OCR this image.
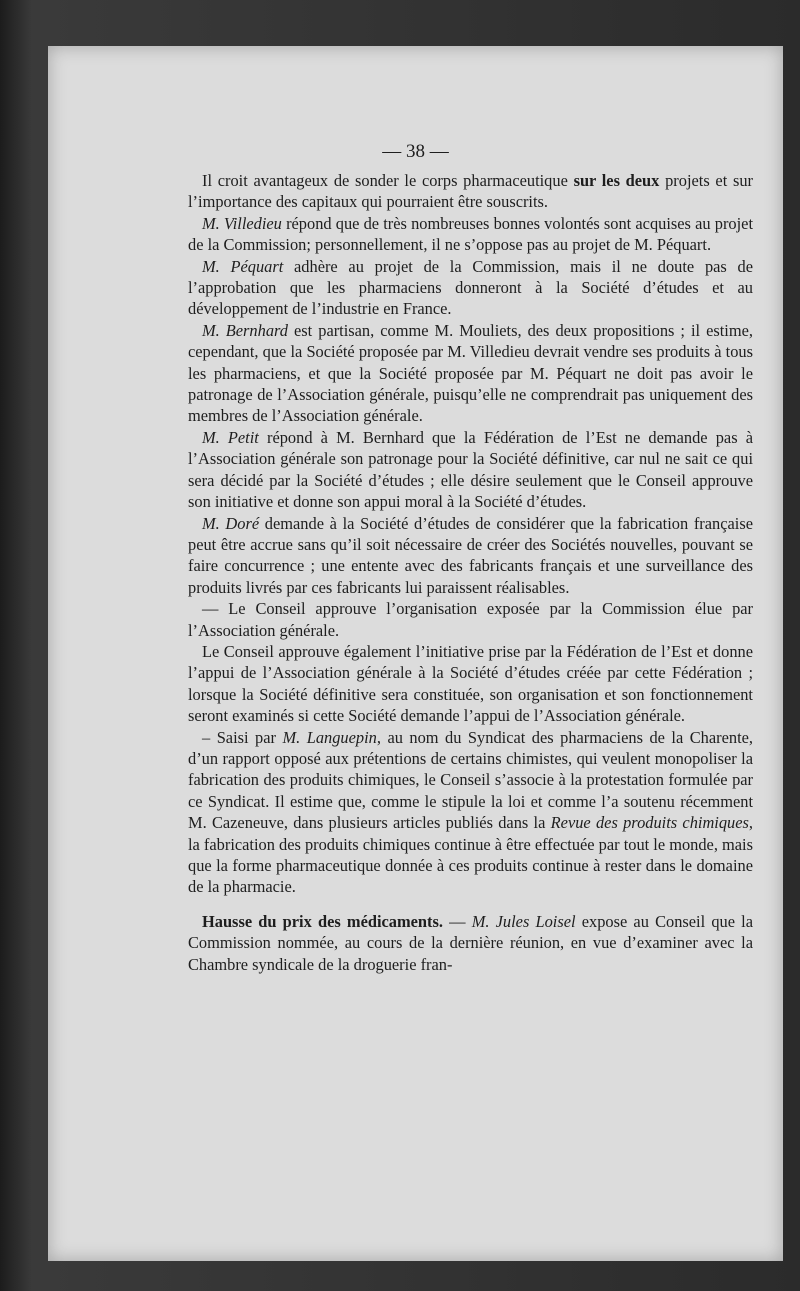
— 38 —

Il croit avantageux de sonder le corps pharmaceutique sur les deux projets et sur l’importance des capitaux qui pourraient être souscrits.

M. Villedieu répond que de très nombreuses bonnes volontés sont acquises au projet de la Commission; personnellement, il ne s’oppose pas au projet de M. Péquart.

M. Péquart adhère au projet de la Commission, mais il ne doute pas de l’approbation que les pharmaciens donneront à la Société d’études et au développement de l’industrie en France.

M. Bernhard est partisan, comme M. Mouliets, des deux propositions ; il estime, cependant, que la Société proposée par M. Villedieu devrait vendre ses produits à tous les pharmaciens, et que la Société proposée par M. Péquart ne doit pas avoir le patronage de l’Association générale, puisqu’elle ne comprendrait pas uniquement des membres de l’Association générale.

M. Petit répond à M. Bernhard que la Fédération de l’Est ne demande pas à l’Association générale son patronage pour la Société définitive, car nul ne sait ce qui sera décidé par la Société d’études ; elle désire seulement que le Conseil approuve son initiative et donne son appui moral à la Société d’études.

M. Doré demande à la Société d’études de considérer que la fabrication française peut être accrue sans qu’il soit nécessaire de créer des Sociétés nouvelles, pouvant se faire concurrence ; une entente avec des fabricants français et une surveillance des produits livrés par ces fabricants lui paraissent réalisables.

— Le Conseil approuve l’organisation exposée par la Commission élue par l’Association générale.

Le Conseil approuve également l’initiative prise par la Fédération de l’Est et donne l’appui de l’Association générale à la Société d’études créée par cette Fédération ; lorsque la Société définitive sera constituée, son organisation et son fonctionnement seront examinés si cette Société demande l’appui de l’Association générale.

– Saisi par M. Languepin, au nom du Syndicat des pharmaciens de la Charente, d’un rapport opposé aux prétentions de certains chimistes, qui veulent monopoliser la fabrication des produits chimiques, le Conseil s’associe à la protestation formulée par ce Syndicat. Il estime que, comme le stipule la loi et comme l’a soutenu récemment M. Cazeneuve, dans plusieurs articles publiés dans la Revue des produits chimiques, la fabrication des produits chimiques continue à être effectuée par tout le monde, mais que la forme pharmaceutique donnée à ces produits continue à rester dans le domaine de la pharmacie.

Hausse du prix des médicaments. — M. Jules Loisel expose au Conseil que la Commission nommée, au cours de la dernière réunion, en vue d’examiner avec la Chambre syndicale de la droguerie fran-
